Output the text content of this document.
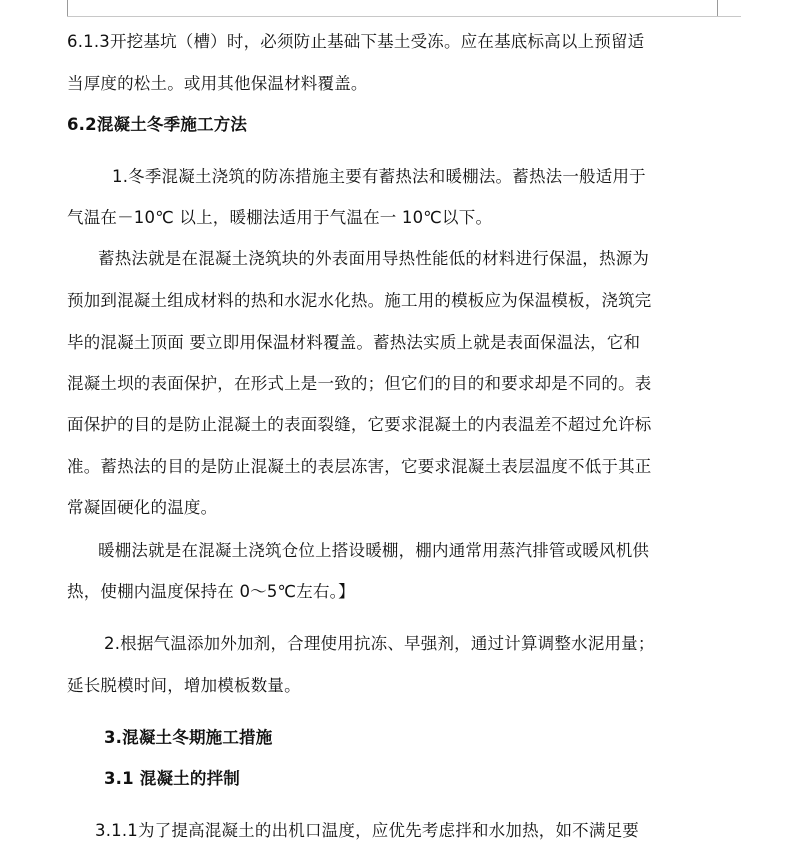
6.1.3开挖基坑（槽）时，必须防止基础下基土受冻。应在基底标高以上预留适
当厚度的松土。或用其他保温材料覆盖。
6.2混凝土冬季施工方法
1.冬季混凝土浇筑的防冻措施主要有蓄热法和暖棚法。蓄热法一般适用于
气温在－10℃ 以上，暖棚法适用于气温在一 10℃以下。
蓄热法就是在混凝土浇筑块的外表面用导热性能低的材料进行保温，热源为
预加到混凝土组成材料的热和水泥水化热。施工用的模板应为保温模板，浇筑完
毕的混凝土顶面 要立即用保温材料覆盖。蓄热法实质上就是表面保温法，它和
混凝土坝的表面保护，在形式上是一致的；但它们的目的和要求却是不同的。表
面保护的目的是防止混凝土的表面裂缝，它要求混凝土的内表温差不超过允许标
准。蓄热法的目的是防止混凝土的表层冻害，它要求混凝土表层温度不低于其正
常凝固硬化的温度。
暖棚法就是在混凝土浇筑仓位上搭设暖棚，棚内通常用蒸汽排管或暖风机供
热，使棚内温度保持在 0～5℃左右。】
2.根据气温添加外加剂，合理使用抗冻、早强剂，通过计算调整水泥用量；
延长脱模时间，增加模板数量。
3.混凝土冬期施工措施
3.1 混凝土的拌制
3.1.1为了提高混凝土的出机口温度，应优先考虑拌和水加热，如不满足要
